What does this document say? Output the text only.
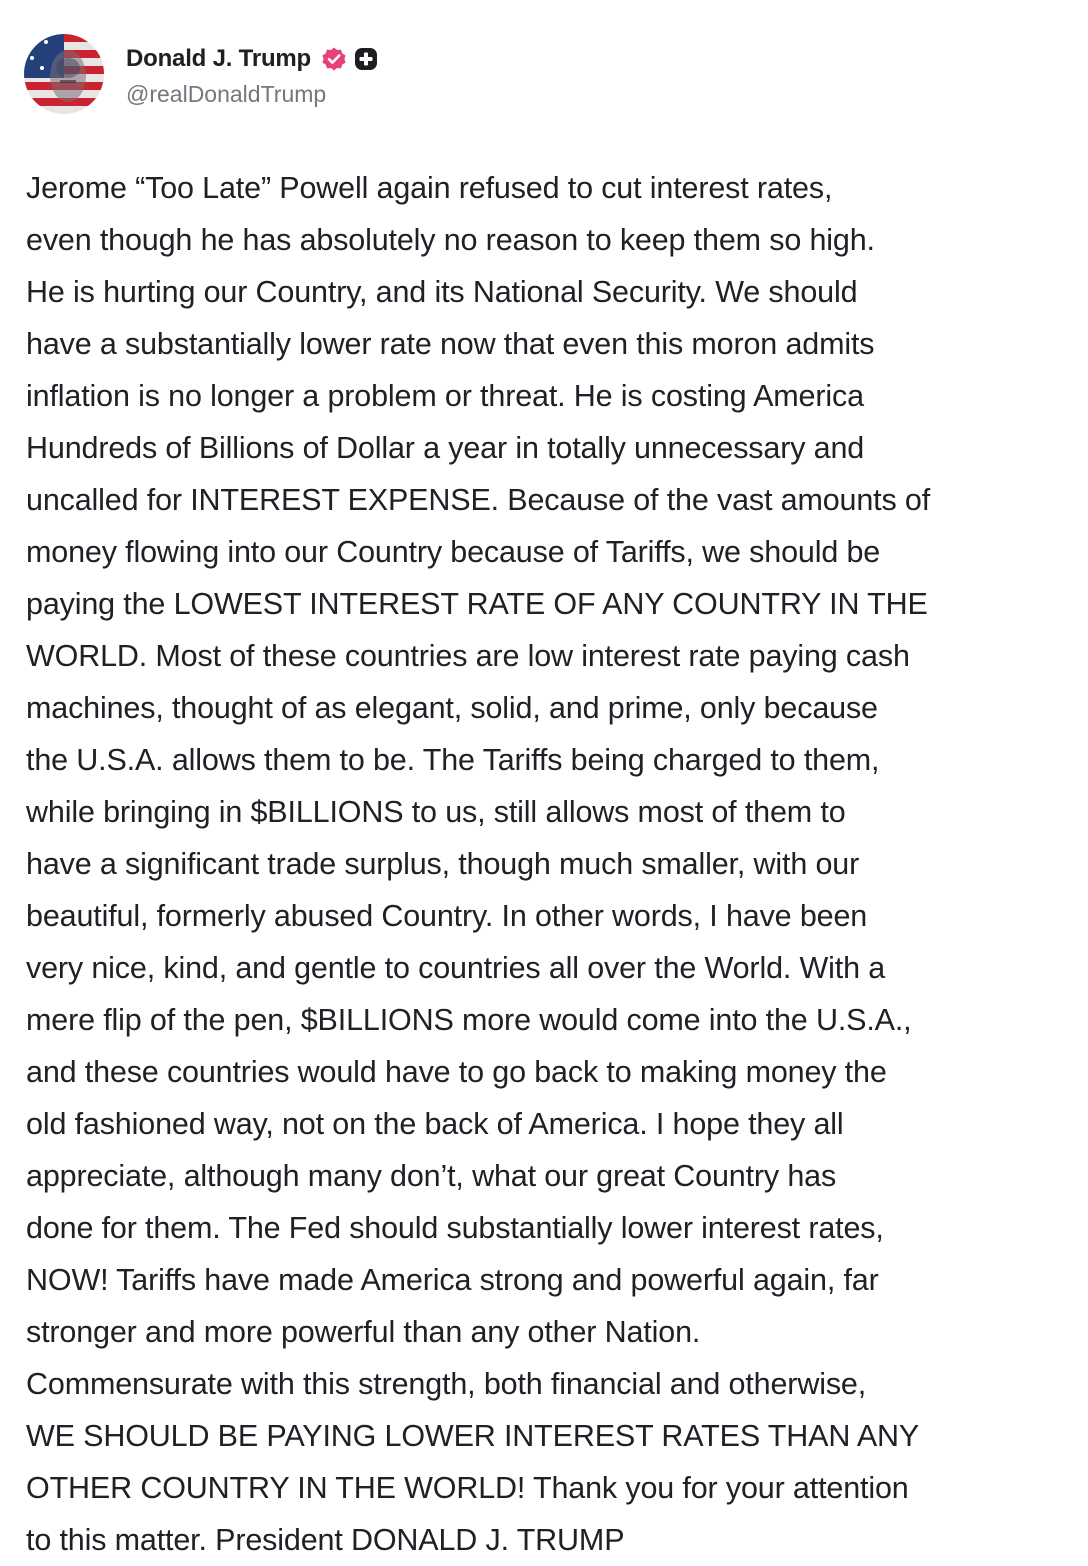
Donald J. Trump
@realDonaldTrump
Jerome “Too Late” Powell again refused to cut interest rates,
even though he has absolutely no reason to keep them so high.
He is hurting our Country, and its National Security. We should
have a substantially lower rate now that even this moron admits
inflation is no longer a problem or threat. He is costing America
Hundreds of Billions of Dollar a year in totally unnecessary and
uncalled for INTEREST EXPENSE. Because of the vast amounts of
money flowing into our Country because of Tariffs, we should be
paying the LOWEST INTEREST RATE OF ANY COUNTRY IN THE
WORLD. Most of these countries are low interest rate paying cash
machines, thought of as elegant, solid, and prime, only because
the U.S.A. allows them to be. The Tariffs being charged to them,
while bringing in $BILLIONS to us, still allows most of them to
have a significant trade surplus, though much smaller, with our
beautiful, formerly abused Country. In other words, I have been
very nice, kind, and gentle to countries all over the World. With a
mere flip of the pen, $BILLIONS more would come into the U.S.A.,
and these countries would have to go back to making money the
old fashioned way, not on the back of America. I hope they all
appreciate, although many don’t, what our great Country has
done for them. The Fed should substantially lower interest rates,
NOW! Tariffs have made America strong and powerful again, far
stronger and more powerful than any other Nation.
Commensurate with this strength, both financial and otherwise,
WE SHOULD BE PAYING LOWER INTEREST RATES THAN ANY
OTHER COUNTRY IN THE WORLD! Thank you for your attention
to this matter. President DONALD J. TRUMP
